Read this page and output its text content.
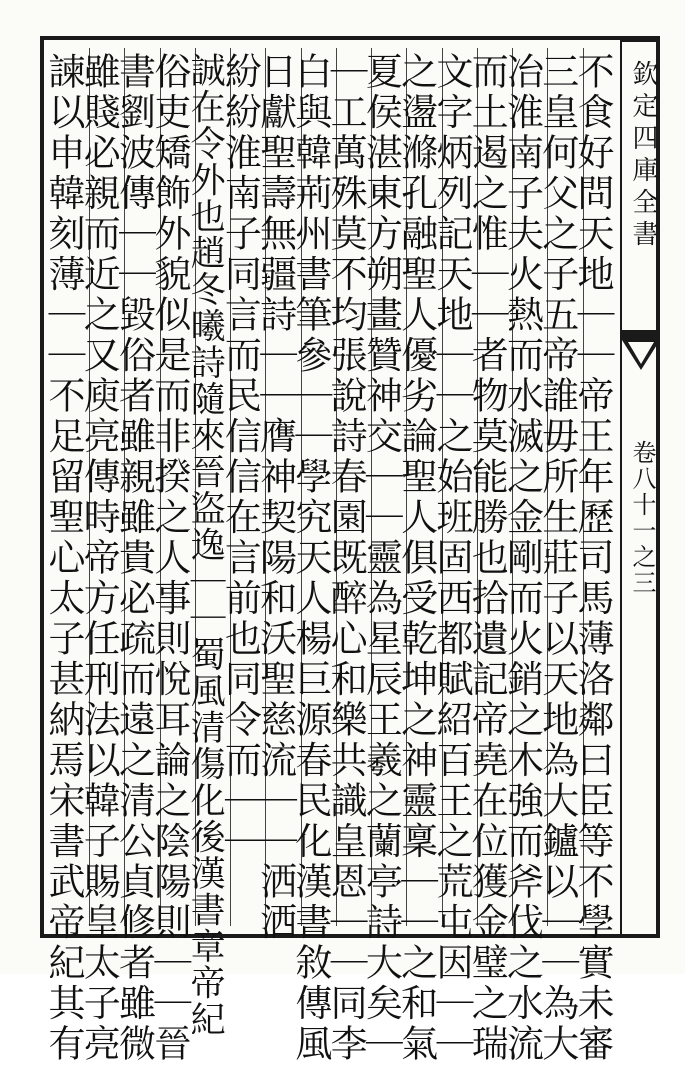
欽定四庫全書
卷八十一之三
不食好問天地｜｜帝王年歷司馬薄洛鄰曰臣等不學實未審
三皇何父之子五帝誰毋所生莊子以天地為大鑪以｜｜為大
冶淮南子夫火熱而水滅之金剛而火銷之木強而斧伐之水流
而土遏之惟｜｜者物莫能勝也拾遺記帝堯在位獲金璧之瑞
文字炳列記天地｜｜之始班固西都賦紹百王之荒屯因｜｜
之盪滌孔融聖人優劣論聖人俱受乾坤之神靈稟｜｜之和氣
夏侯湛東方朔畫贊神交｜｜靈為星辰王羲之蘭亭詩大矣｜
｜工萬殊莫不均張說詩春園既醉心和樂共識皇恩｜｜同李
白與韓荊州書筆參｜｜學究天人楊巨源春民化漢書敘傳風
日獻聖壽無疆詩｜｜膺神契陽和沃聖慈流｜｜洒洒
紛紛淮南子同言而民信信在言前也同令而｜｜
誠在令外也趙冬曦詩隨來晉盜逸｜｜蜀風清傷化後漢書章帝紀
俗吏矯飾外貌似是而非揆之人事則悅耳論之陰陽則｜｜晉
書劉波傳｜｜毀俗者雖親雖貴必疏而遠之清公貞修者雖微
雖賤必親而近之又庾亮傳時帝方任刑法以韓子賜皇太子亮
諫以申韓刻薄｜｜不足留聖心太子甚納焉宋書武帝紀其有
